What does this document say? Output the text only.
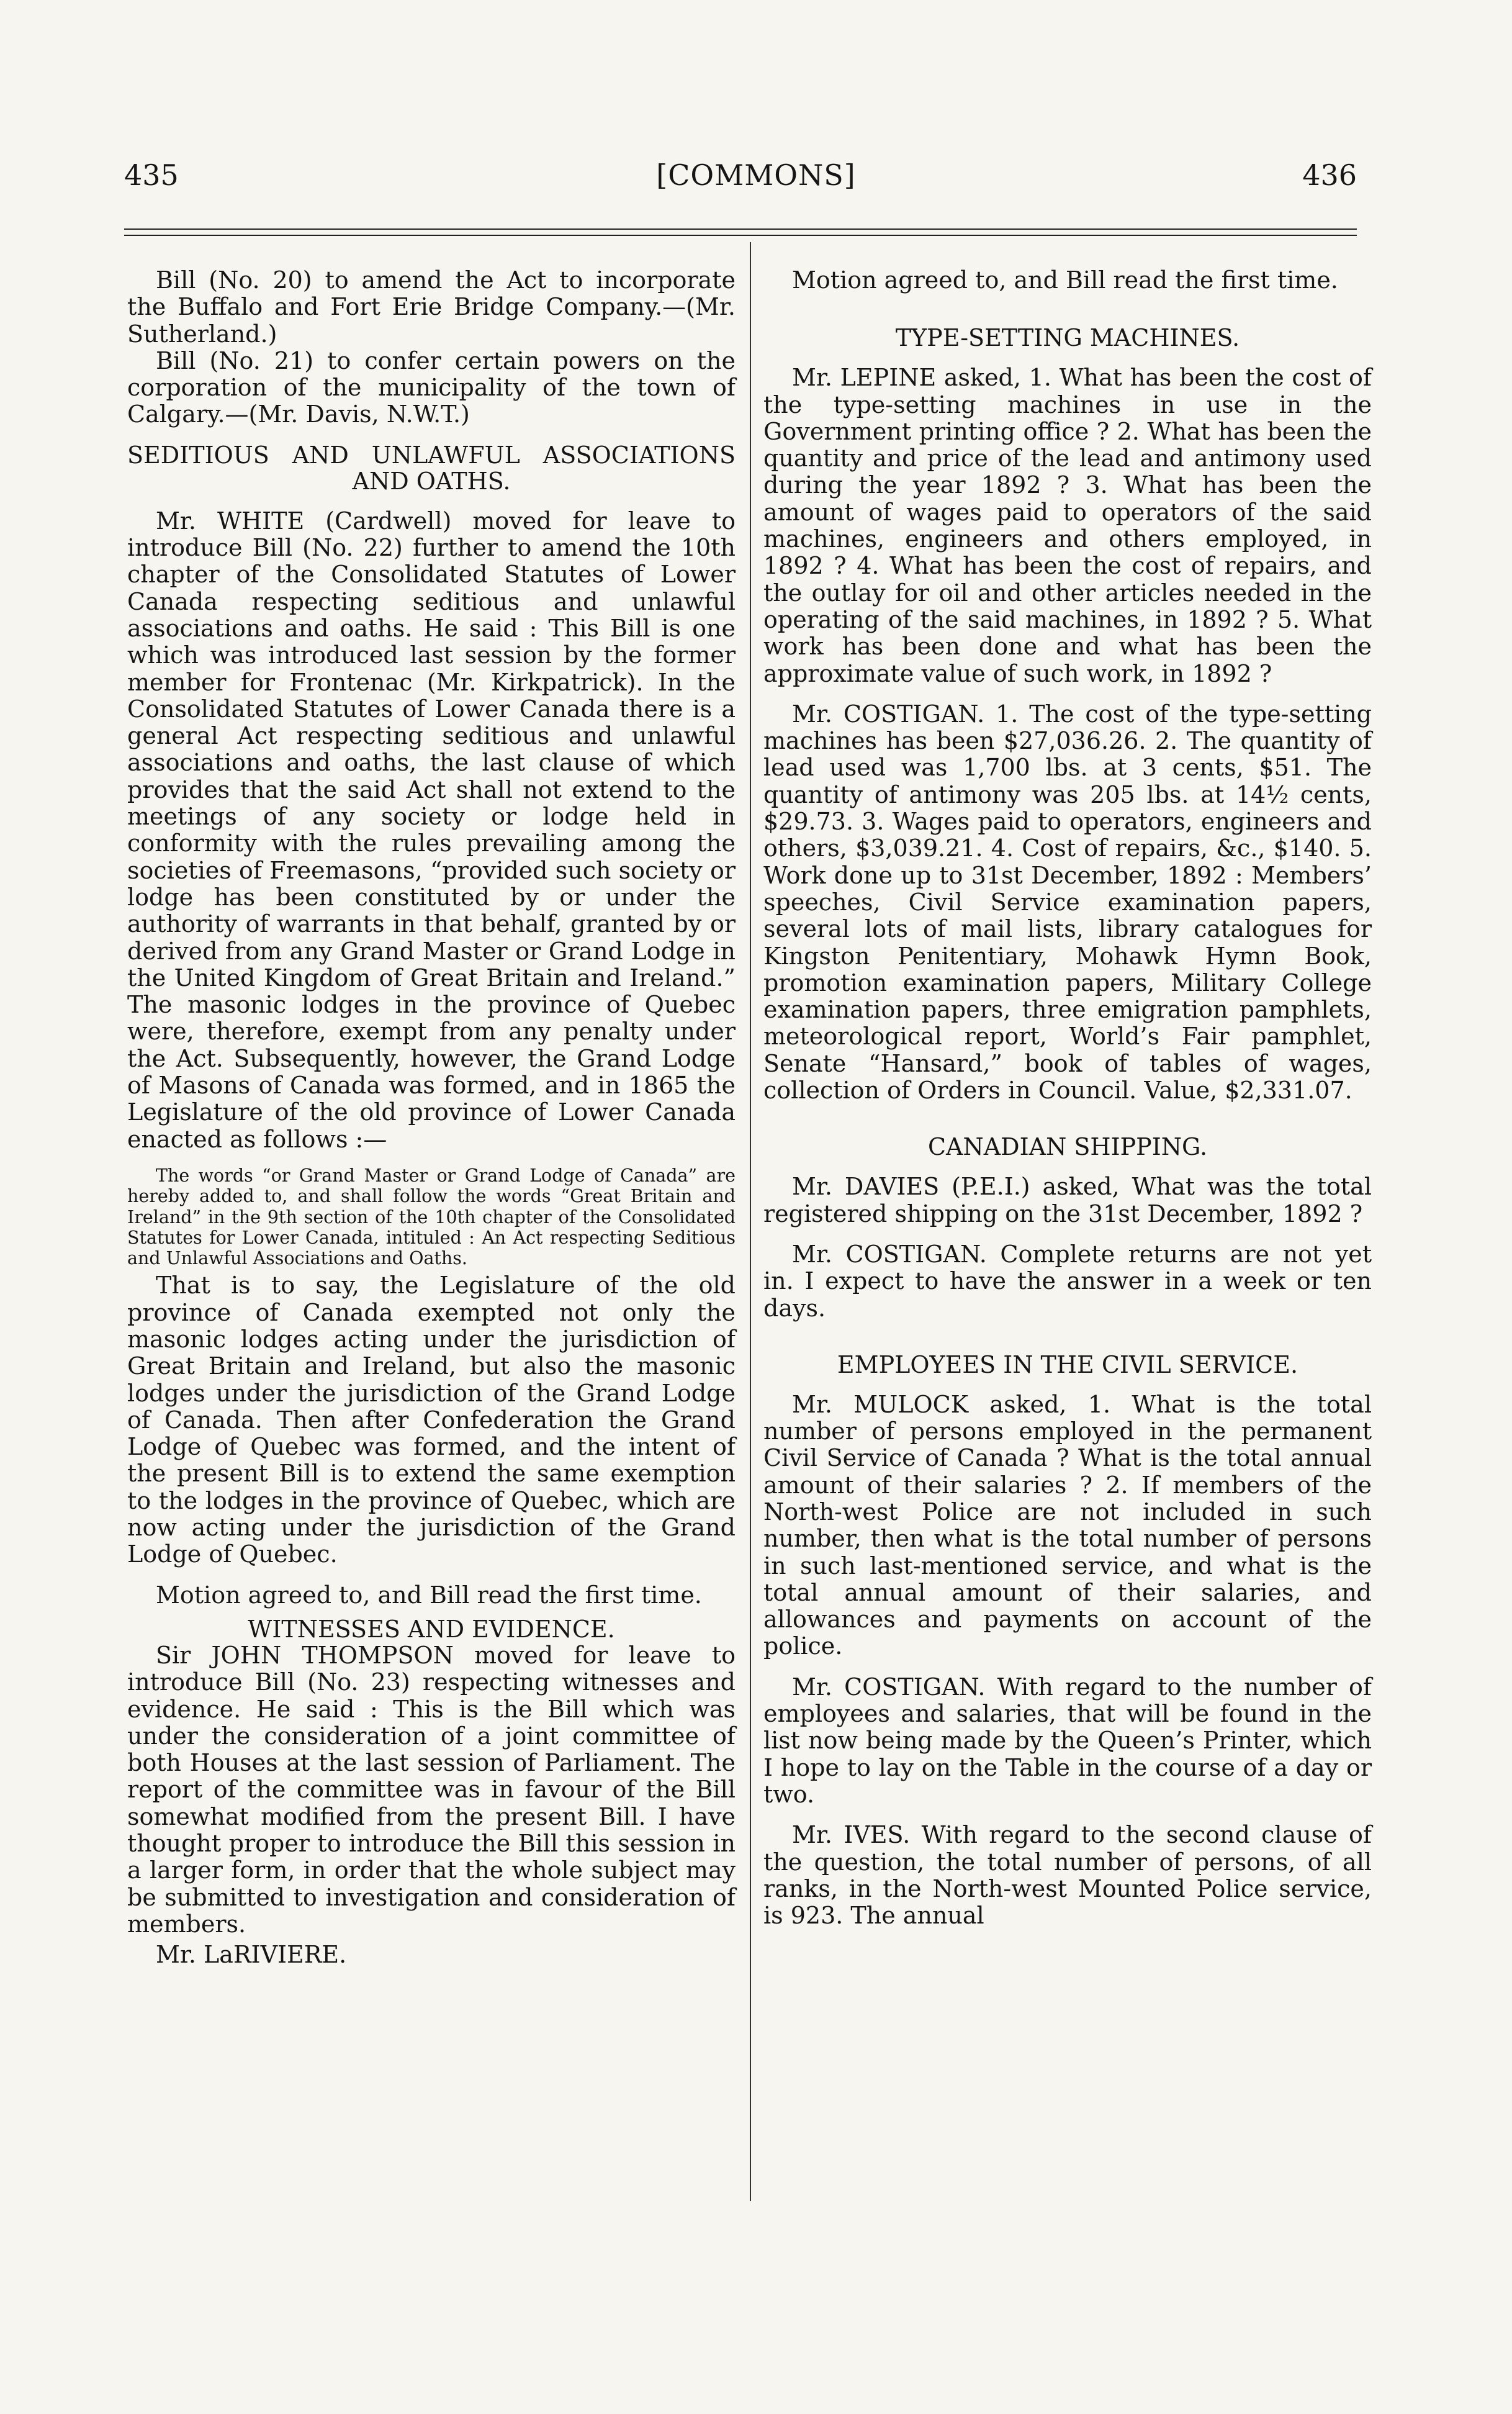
435	[COMMONS]	436

Bill (No. 20) to amend the Act to incorporate the Buffalo and Fort Erie Bridge Company.—(Mr. Sutherland.)

Bill (No. 21) to confer certain powers on the corporation of the municipality of the town of Calgary.—(Mr. Davis, N.W.T.)

SEDITIOUS AND UNLAWFUL ASSOCIATIONS AND OATHS.

Mr. WHITE (Cardwell) moved for leave to introduce Bill (No. 22) further to amend the 10th chapter of the Consolidated Statutes of Lower Canada respecting seditious and unlawful associations and oaths. He said : This Bill is one which was introduced last session by the former member for Frontenac (Mr. Kirkpatrick). In the Consolidated Statutes of Lower Canada there is a general Act respecting seditious and unlawful associations and oaths, the last clause of which provides that the said Act shall not extend to the meetings of any society or lodge held in conformity with the rules prevailing among the societies of Freemasons, “provided such society or lodge has been constituted by or under the authority of warrants in that behalf, granted by or derived from any Grand Master or Grand Lodge in the United Kingdom of Great Britain and Ireland.” The masonic lodges in the province of Quebec were, therefore, exempt from any penalty under the Act. Subsequently, however, the Grand Lodge of Masons of Canada was formed, and in 1865 the Legislature of the old province of Lower Canada enacted as follows :—

The words “or Grand Master or Grand Lodge of Canada” are hereby added to, and shall follow the words “Great Britain and Ireland” in the 9th section of the 10th chapter of the Consolidated Statutes for Lower Canada, intituled : An Act respecting Seditious and Unlawful Associations and Oaths.

That is to say, the Legislature of the old province of Canada exempted not only the masonic lodges acting under the jurisdiction of Great Britain and Ireland, but also the masonic lodges under the jurisdiction of the Grand Lodge of Canada. Then after Confederation the Grand Lodge of Quebec was formed, and the intent of the present Bill is to extend the same exemption to the lodges in the province of Quebec, which are now acting under the jurisdiction of the Grand Lodge of Quebec.

Motion agreed to, and Bill read the first time.

WITNESSES AND EVIDENCE.

Sir JOHN THOMPSON moved for leave to introduce Bill (No. 23) respecting witnesses and evidence. He said : This is the Bill which was under the consideration of a joint committee of both Houses at the last session of Parliament. The report of the committee was in favour of the Bill somewhat modified from the present Bill. I have thought proper to introduce the Bill this session in a larger form, in order that the whole subject may be submitted to investigation and consideration of members.

Mr. LaRIVIERE.

Motion agreed to, and Bill read the first time.

TYPE-SETTING MACHINES.

Mr. LEPINE asked, 1. What has been the cost of the type-setting machines in use in the Government printing office ? 2. What has been the quantity and price of the lead and antimony used during the year 1892 ? 3. What has been the amount of wages paid to operators of the said machines, engineers and others employed, in 1892 ? 4. What has been the cost of repairs, and the outlay for oil and other articles needed in the operating of the said machines, in 1892 ? 5. What work has been done and what has been the approximate value of such work, in 1892 ?

Mr. COSTIGAN. 1. The cost of the type-setting machines has been $27,036.26. 2. The quantity of lead used was 1,700 lbs. at 3 cents, $51. The quantity of antimony was 205 lbs. at 14½ cents, $29.73. 3. Wages paid to operators, engineers and others, $3,039.21. 4. Cost of repairs, &c., $140. 5. Work done up to 31st December, 1892 : Members’ speeches, Civil Service examination papers, several lots of mail lists, library catalogues for Kingston Penitentiary, Mohawk Hymn Book, promotion examination papers, Military College examination papers, three emigration pamphlets, meteorological report, World’s Fair pamphlet, Senate “Hansard,” book of tables of wages, collection of Orders in Council. Value, $2,331.07.

CANADIAN SHIPPING.

Mr. DAVIES (P.E.I.) asked, What was the total registered shipping on the 31st December, 1892 ?

Mr. COSTIGAN. Complete returns are not yet in. I expect to have the answer in a week or ten days.

EMPLOYEES IN THE CIVIL SERVICE.

Mr. MULOCK asked, 1. What is the total number of persons employed in the permanent Civil Service of Canada ? What is the total annual amount of their salaries ? 2. If members of the North-west Police are not included in such number, then what is the total number of persons in such last-mentioned service, and what is the total annual amount of their salaries, and allowances and payments on account of the police.

Mr. COSTIGAN. With regard to the number of employees and salaries, that will be found in the list now being made by the Queen’s Printer, which I hope to lay on the Table in the course of a day or two.

Mr. IVES. With regard to the second clause of the question, the total number of persons, of all ranks, in the North-west Mounted Police service, is 923. The annual
